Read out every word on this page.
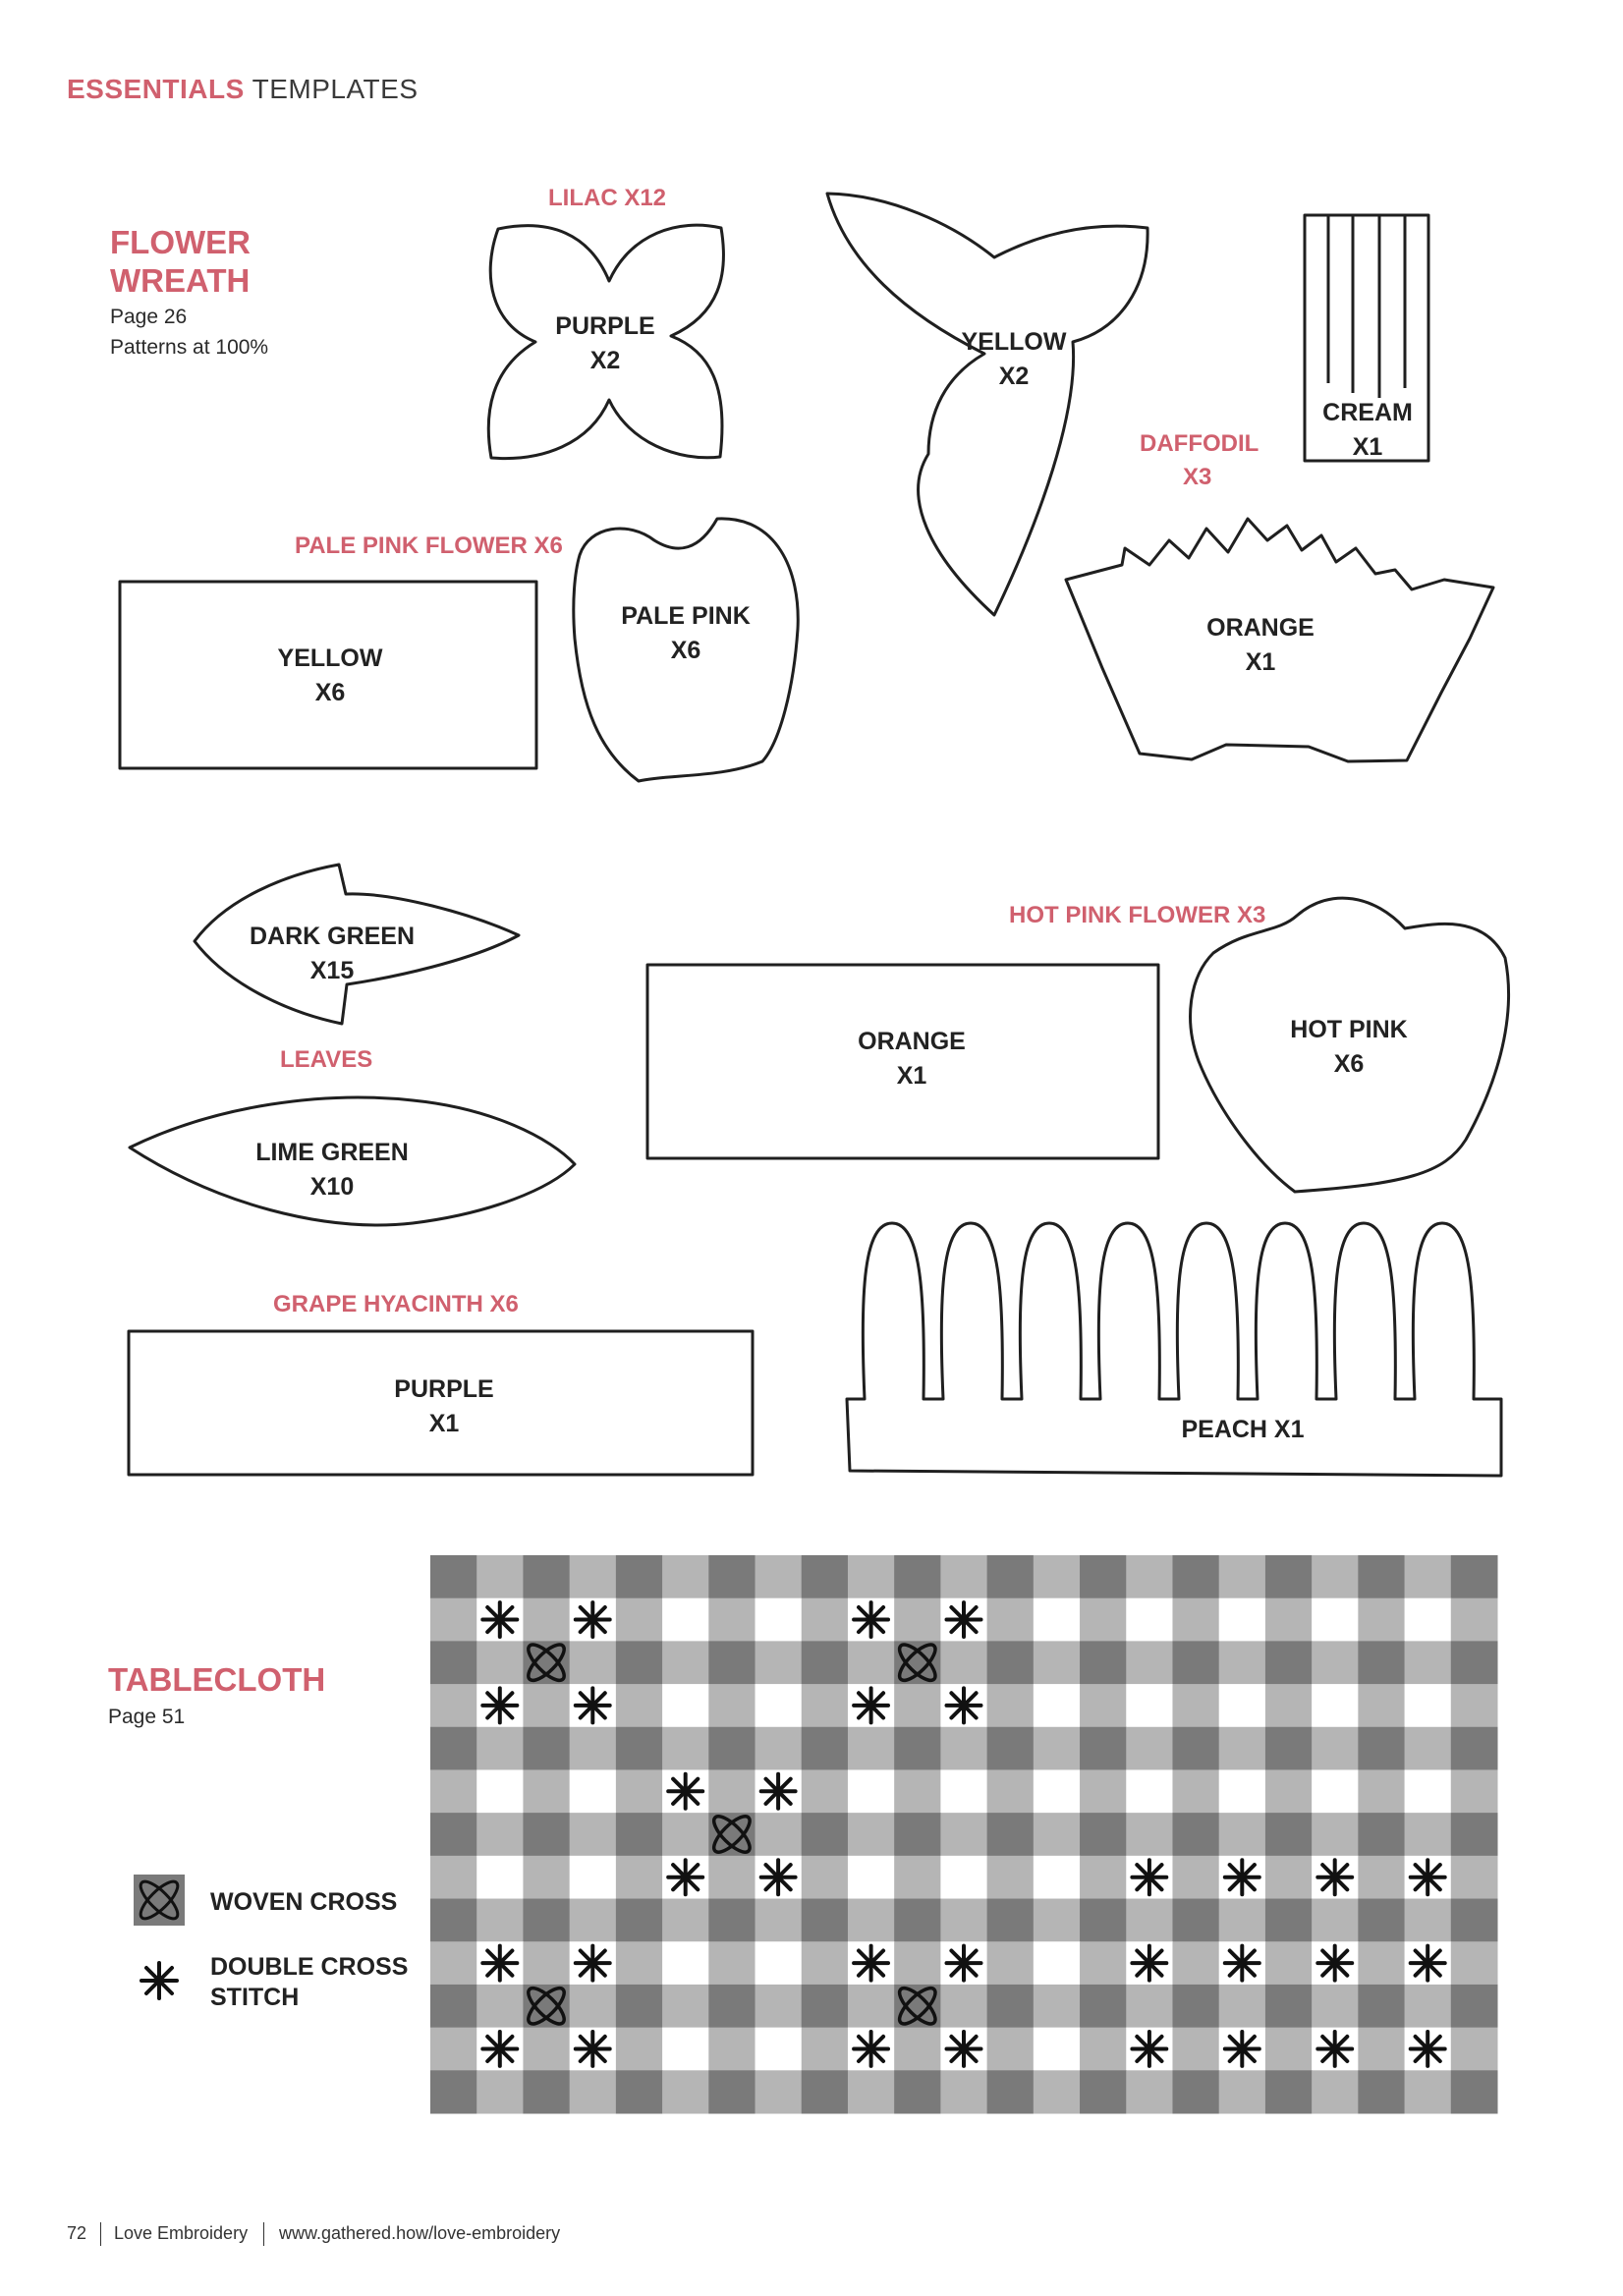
ESSENTIALS TEMPLATES

FLOWER

WREATH

Page 26

Patterns at 100%

LILAC X12

DAFFODIL

X3

PALE PINK FLOWER X6

HOT PINK FLOWER X3

LEAVES

GRAPE HYACINTH X6

PURPLE
X2
YELLOW
X2
CREAM
X1
ORANGE
X1
YELLOW
X6
PALE PINK
X6
DARK GREEN
X15
LIME GREEN
X10
ORANGE
X1
HOT PINK
X6
PURPLE
X1	PEACH X1

TABLECLOTH

Page 51

WOVEN CROSS

DOUBLE CROSS

STITCH

72 Love Embroidery www.gathered.how/love-embroidery
